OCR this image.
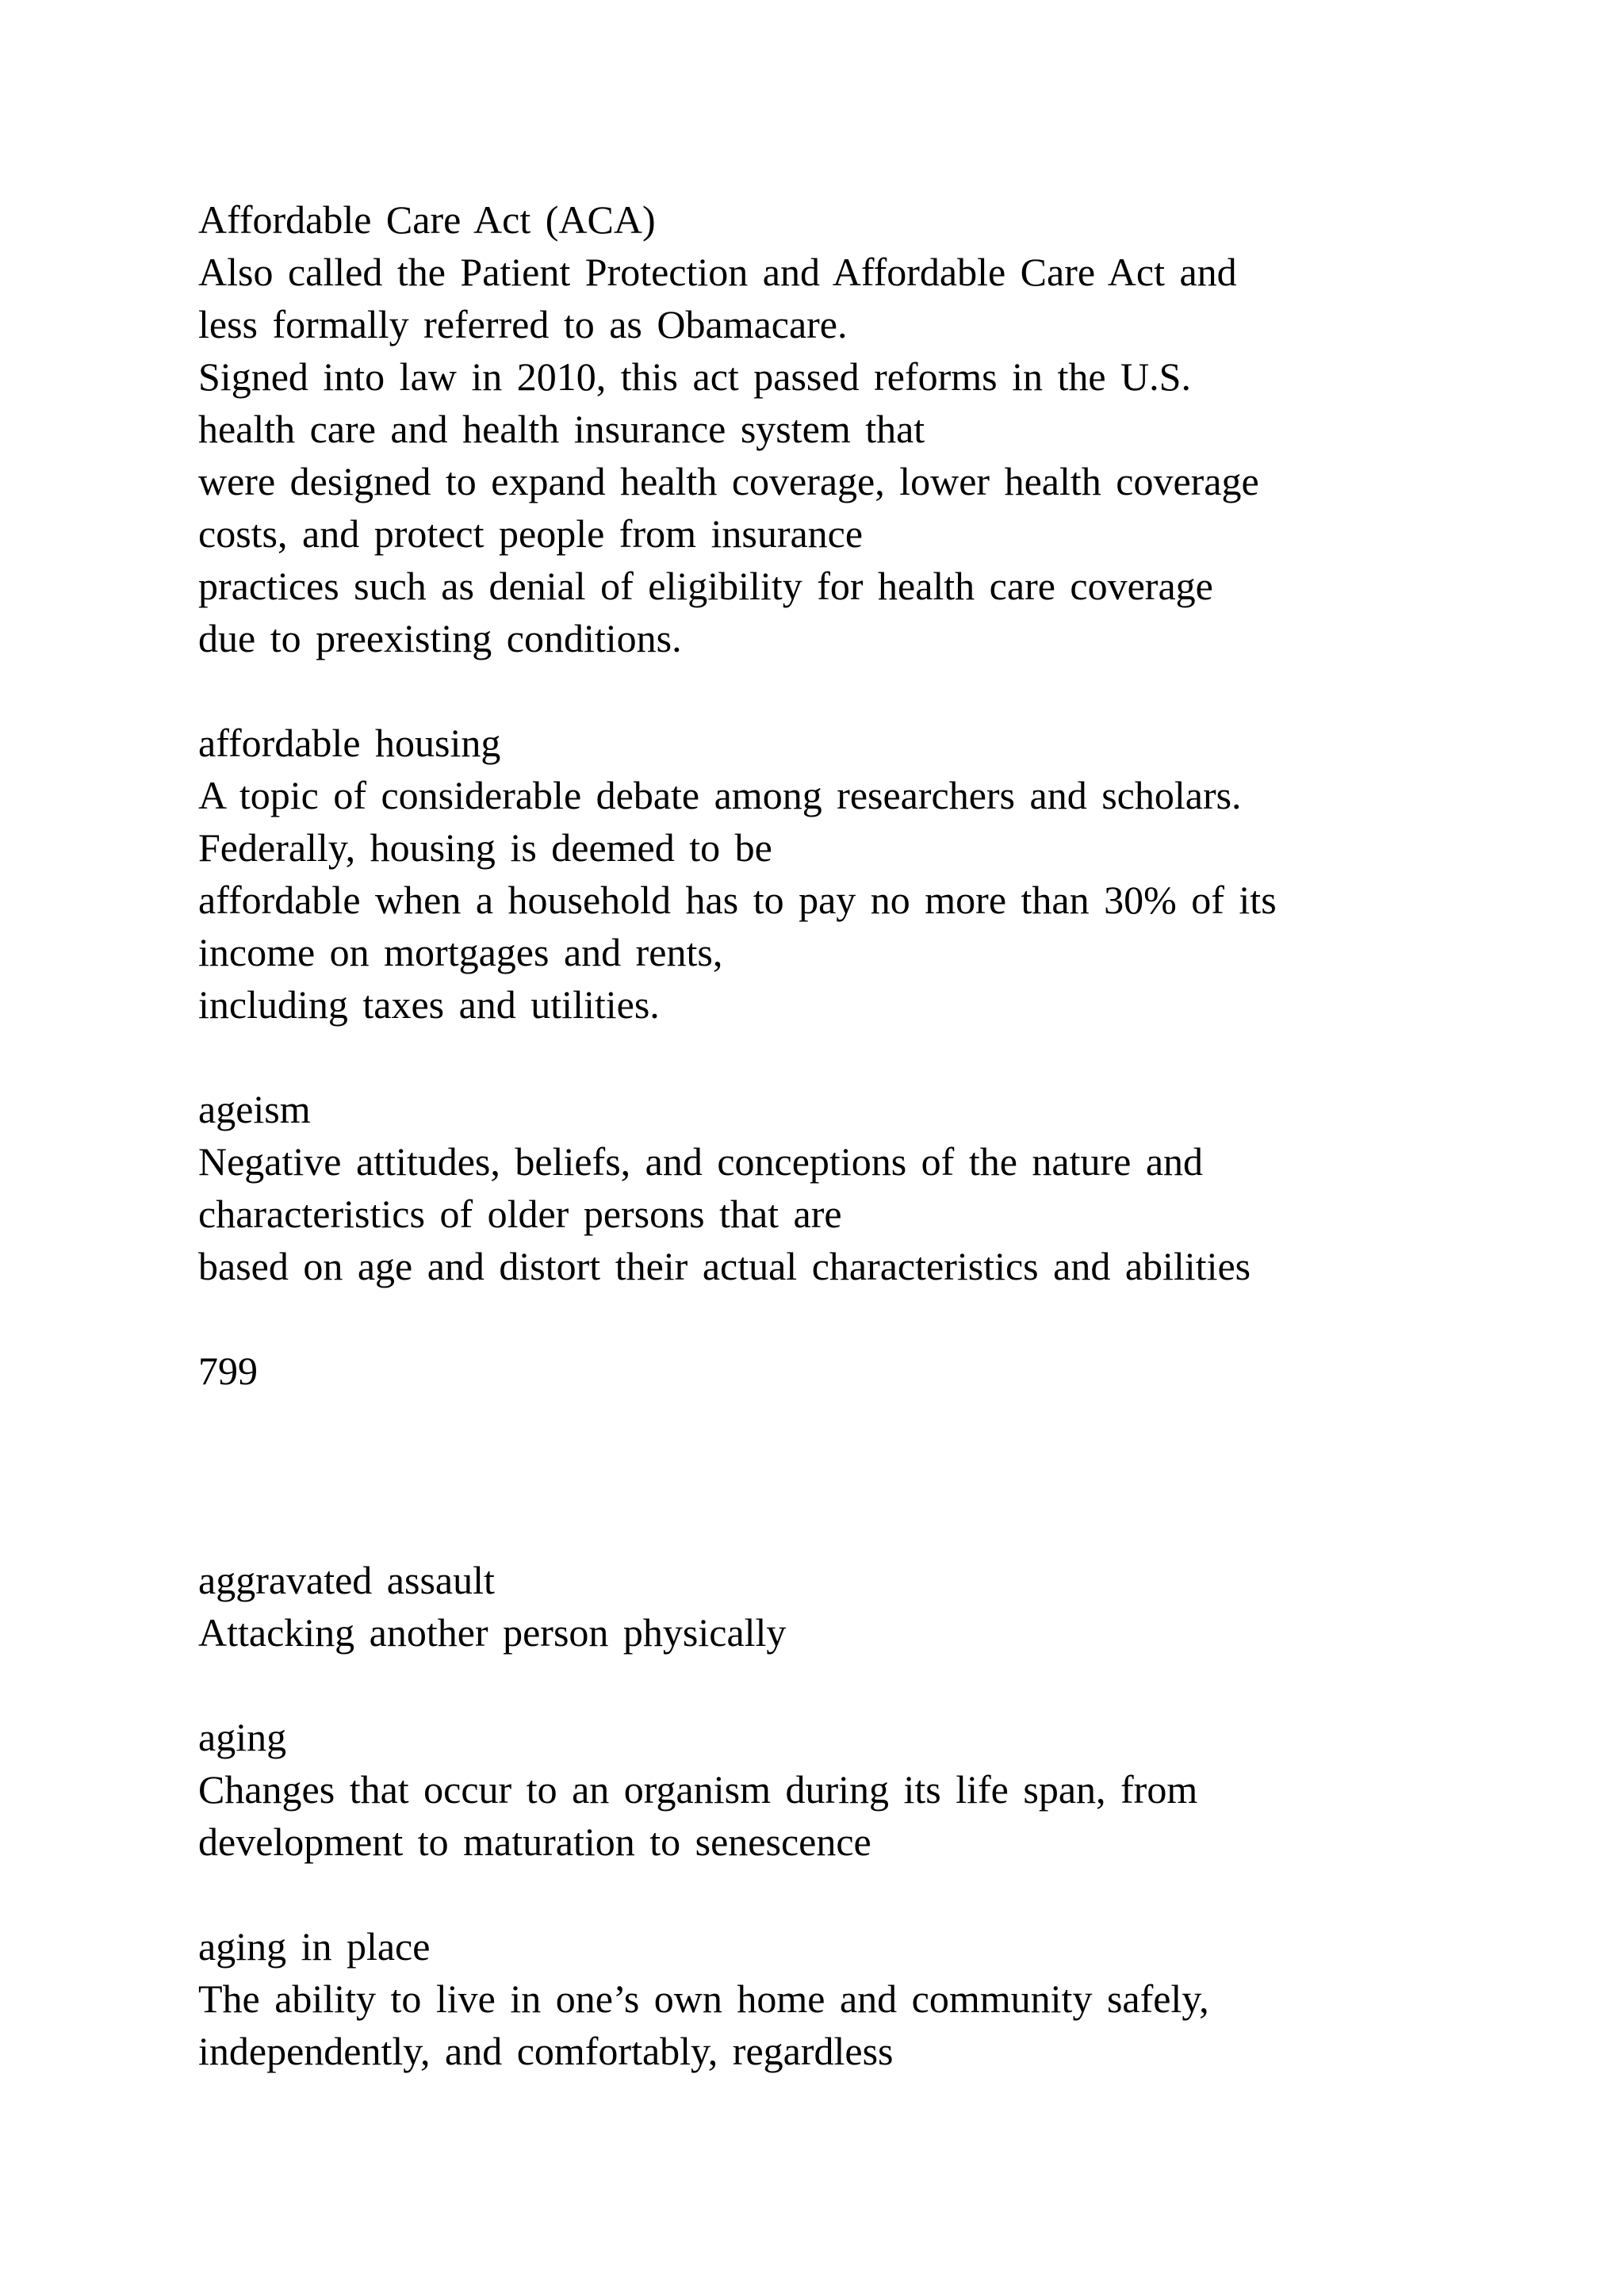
Affordable Care Act (ACA)
Also called the Patient Protection and Affordable Care Act and
less formally referred to as Obamacare.
Signed into law in 2010, this act passed reforms in the U.S.
health care and health insurance system that
were designed to expand health coverage, lower health coverage
costs, and protect people from insurance
practices such as denial of eligibility for health care coverage
due to preexisting conditions.
affordable housing
A topic of considerable debate among researchers and scholars.
Federally, housing is deemed to be
affordable when a household has to pay no more than 30% of its
income on mortgages and rents,
including taxes and utilities.
ageism
Negative attitudes, beliefs, and conceptions of the nature and
characteristics of older persons that are
based on age and distort their actual characteristics and abilities
799
aggravated assault
Attacking another person physically
aging
Changes that occur to an organism during its life span, from
development to maturation to senescence
aging in place
The ability to live in one’s own home and community safely,
independently, and comfortably, regardless
